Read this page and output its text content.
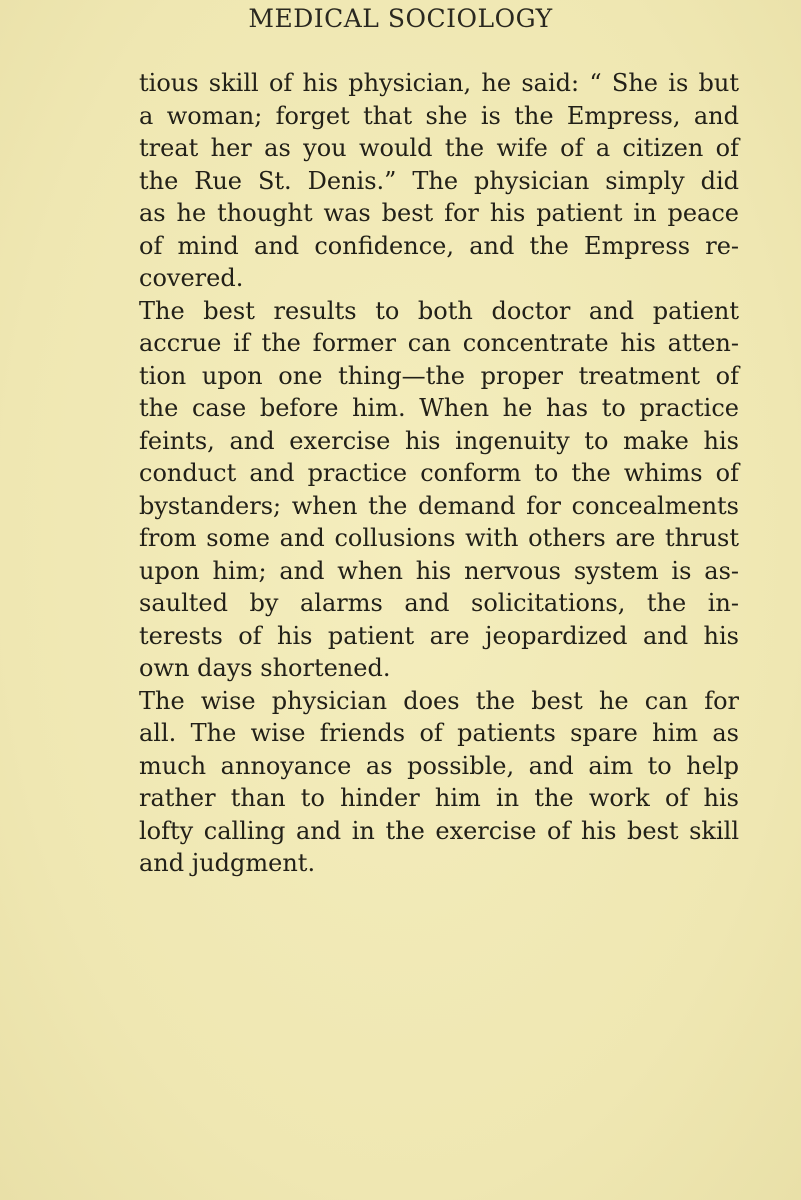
MEDICAL SOCIOLOGY
tious skill of his physician, he said: “ She is but
a woman; forget that she is the Empress, and
treat her as you would the wife of a citizen of
the Rue St. Denis.” The physician simply did
as he thought was best for his patient in peace
of mind and confidence, and the Empress re-
covered.
The best results to both doctor and patient
accrue if the former can concentrate his atten-
tion upon one thing—the proper treatment of
the case before him. When he has to practice
feints, and exercise his ingenuity to make his
conduct and practice conform to the whims of
bystanders; when the demand for concealments
from some and collusions with others are thrust
upon him; and when his nervous system is as-
saulted by alarms and solicitations, the in-
terests of his patient are jeopardized and his
own days shortened.
The wise physician does the best he can for
all. The wise friends of patients spare him as
much annoyance as possible, and aim to help
rather than to hinder him in the work of his
lofty calling and in the exercise of his best skill
and judgment.
